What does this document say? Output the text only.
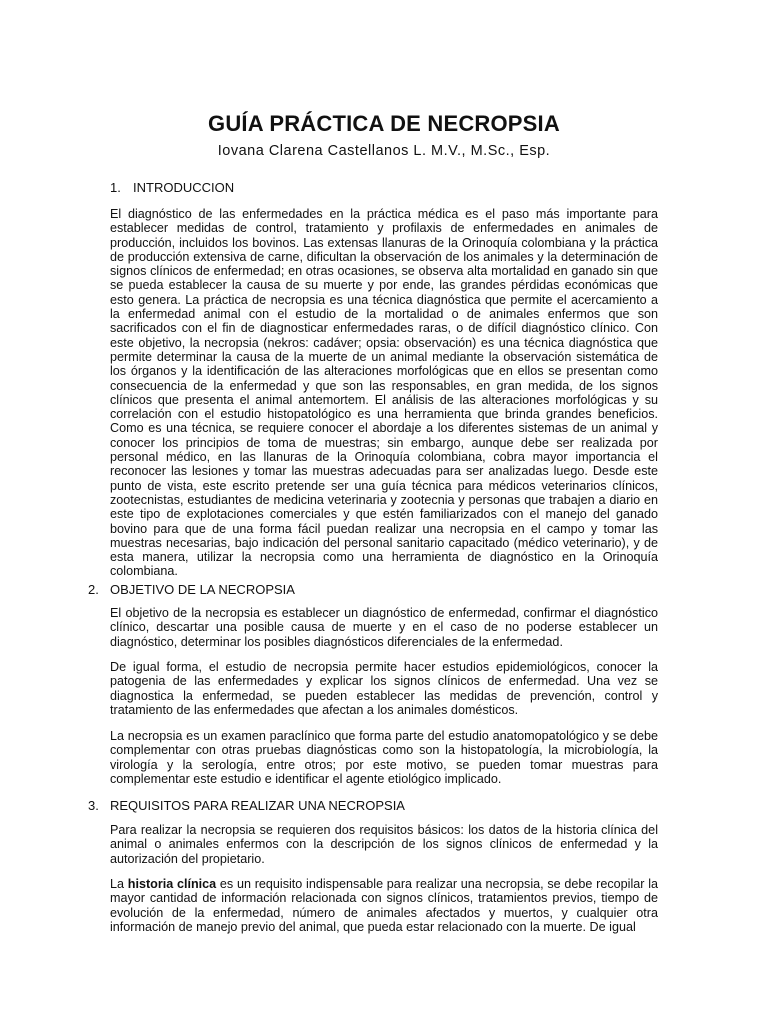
GUÍA PRÁCTICA DE NECROPSIA
Iovana Clarena Castellanos L. M.V., M.Sc., Esp.
1. INTRODUCCION
El diagnóstico de las enfermedades en la práctica médica es el paso más importante para establecer medidas de control, tratamiento y profilaxis de enfermedades en animales de producción, incluidos los bovinos. Las extensas llanuras de la Orinoquía colombiana y la práctica de producción extensiva de carne, dificultan la observación de los animales y la determinación de signos clínicos de enfermedad; en otras ocasiones, se observa alta mortalidad en ganado sin que se pueda establecer la causa de su muerte y por ende, las grandes pérdidas económicas que esto genera. La práctica de necropsia es una técnica diagnóstica que permite el acercamiento a la enfermedad animal con el estudio de la mortalidad o de animales enfermos que son sacrificados con el fin de diagnosticar enfermedades raras, o de difícil diagnóstico clínico. Con este objetivo, la necropsia (nekros: cadáver; opsia: observación) es una técnica diagnóstica que permite determinar la causa de la muerte de un animal mediante la observación sistemática de los órganos y la identificación de las alteraciones morfológicas que en ellos se presentan como consecuencia de la enfermedad y que son las responsables, en gran medida, de los signos clínicos que presenta el animal antemortem. El análisis de las alteraciones morfológicas y su correlación con el estudio histopatológico es una herramienta que brinda grandes beneficios. Como es una técnica, se requiere conocer el abordaje a los diferentes sistemas de un animal y conocer los principios de toma de muestras; sin embargo, aunque debe ser realizada por personal médico, en las llanuras de la Orinoquía colombiana, cobra mayor importancia el reconocer las lesiones y tomar las muestras adecuadas para ser analizadas luego. Desde este punto de vista, este escrito pretende ser una guía técnica para médicos veterinarios clínicos, zootecnistas, estudiantes de medicina veterinaria y zootecnia y personas que trabajen a diario en este tipo de explotaciones comerciales y que estén familiarizados con el manejo del ganado bovino para que de una forma fácil puedan realizar una necropsia en el campo y tomar las muestras necesarias, bajo indicación del personal sanitario capacitado (médico veterinario), y de esta manera, utilizar la necropsia como una herramienta de diagnóstico en la Orinoquía colombiana.
2. OBJETIVO DE LA NECROPSIA
El objetivo de la necropsia es establecer un diagnóstico de enfermedad, confirmar el diagnóstico clínico, descartar una posible causa de muerte y en el caso de no poderse establecer un diagnóstico, determinar los posibles diagnósticos diferenciales de la enfermedad.
De igual forma, el estudio de necropsia permite hacer estudios epidemiológicos, conocer la patogenia de las enfermedades y explicar los signos clínicos de enfermedad. Una vez se diagnostica la enfermedad, se pueden establecer las medidas de prevención, control y tratamiento de las enfermedades que afectan a los animales domésticos.
La necropsia es un examen paraclínico que forma parte del estudio anatomopatológico y se debe complementar con otras pruebas diagnósticas como son la histopatología, la microbiología, la virología y la serología, entre otros; por este motivo, se pueden tomar muestras para complementar este estudio e identificar el agente etiológico implicado.
3. REQUISITOS PARA REALIZAR UNA NECROPSIA
Para realizar la necropsia se requieren dos requisitos básicos: los datos de la historia clínica del animal o animales enfermos con la descripción de los signos clínicos de enfermedad y la autorización del propietario.
La historia clínica es un requisito indispensable para realizar una necropsia, se debe recopilar la mayor cantidad de información relacionada con signos clínicos, tratamientos previos, tiempo de evolución de la enfermedad, número de animales afectados y muertos, y cualquier otra información de manejo previo del animal, que pueda estar relacionado con la muerte. De igual
